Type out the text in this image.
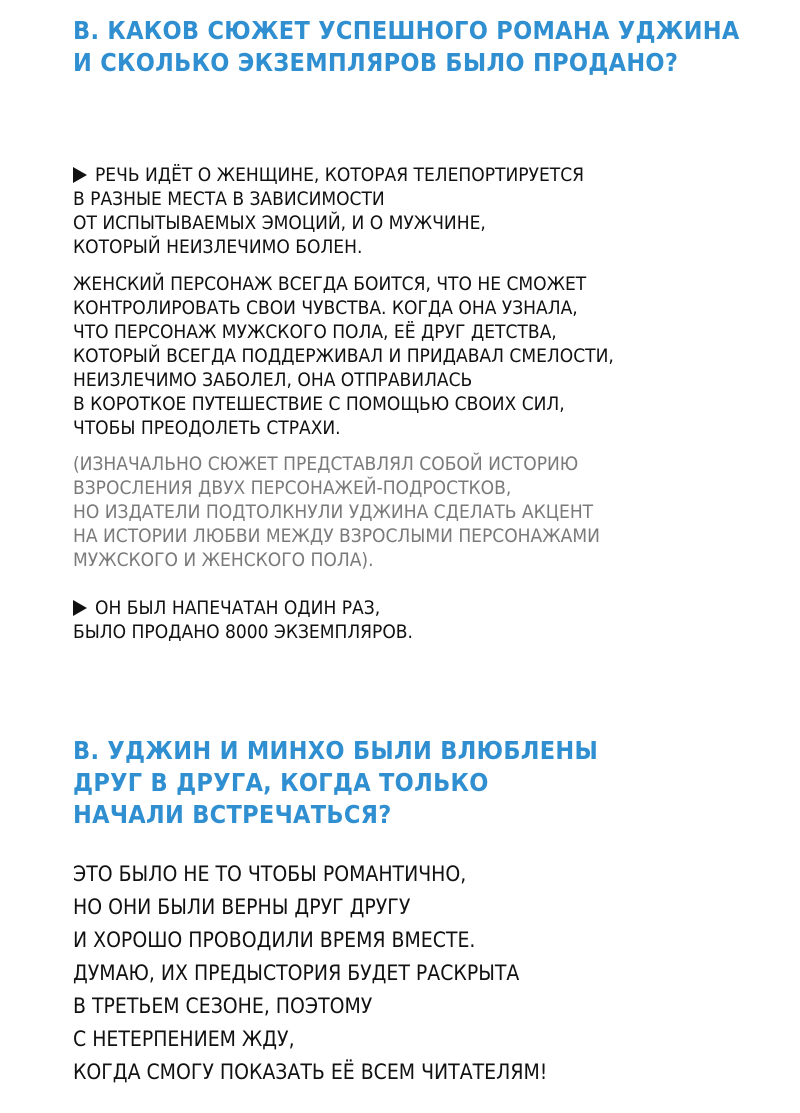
В. КАКОВ СЮЖЕТ УСПЕШНОГО РОМАНА УДЖИНА
И СКОЛЬКО ЭКЗЕМПЛЯРОВ БЫЛО ПРОДАНО?
РЕЧЬ ИДЁТ О ЖЕНЩИНЕ, КОТОРАЯ ТЕЛЕПОРТИРУЕТСЯ
В РАЗНЫЕ МЕСТА В ЗАВИСИМОСТИ
ОТ ИСПЫТЫВАЕМЫХ ЭМОЦИЙ, И О МУЖЧИНЕ,
КОТОРЫЙ НЕИЗЛЕЧИМО БОЛЕН.
ЖЕНСКИЙ ПЕРСОНАЖ ВСЕГДА БОИТСЯ, ЧТО НЕ СМОЖЕТ
КОНТРОЛИРОВАТЬ СВОИ ЧУВСТВА. КОГДА ОНА УЗНАЛА,
ЧТО ПЕРСОНАЖ МУЖСКОГО ПОЛА, ЕЁ ДРУГ ДЕТСТВА,
КОТОРЫЙ ВСЕГДА ПОДДЕРЖИВАЛ И ПРИДАВАЛ СМЕЛОСТИ,
НЕИЗЛЕЧИМО ЗАБОЛЕЛ, ОНА ОТПРАВИЛАСЬ
В КОРОТКОЕ ПУТЕШЕСТВИЕ С ПОМОЩЬЮ СВОИХ СИЛ,
ЧТОБЫ ПРЕОДОЛЕТЬ СТРАХИ.
(ИЗНАЧАЛЬНО СЮЖЕТ ПРЕДСТАВЛЯЛ СОБОЙ ИСТОРИЮ
ВЗРОСЛЕНИЯ ДВУХ ПЕРСОНАЖЕЙ-ПОДРОСТКОВ,
НО ИЗДАТЕЛИ ПОДТОЛКНУЛИ УДЖИНА СДЕЛАТЬ АКЦЕНТ
НА ИСТОРИИ ЛЮБВИ МЕЖДУ ВЗРОСЛЫМИ ПЕРСОНАЖАМИ
МУЖСКОГО И ЖЕНСКОГО ПОЛА).
ОН БЫЛ НАПЕЧАТАН ОДИН РАЗ,
БЫЛО ПРОДАНО 8000 ЭКЗЕМПЛЯРОВ.
В. УДЖИН И МИНХО БЫЛИ ВЛЮБЛЕНЫ
ДРУГ В ДРУГА, КОГДА ТОЛЬКО
НАЧАЛИ ВСТРЕЧАТЬСЯ?
ЭТО БЫЛО НЕ ТО ЧТОБЫ РОМАНТИЧНО,
НО ОНИ БЫЛИ ВЕРНЫ ДРУГ ДРУГУ
И ХОРОШО ПРОВОДИЛИ ВРЕМЯ ВМЕСТЕ.
ДУМАЮ, ИХ ПРЕДЫСТОРИЯ БУДЕТ РАСКРЫТА
В ТРЕТЬЕМ СЕЗОНЕ, ПОЭТОМУ
С НЕТЕРПЕНИЕМ ЖДУ,
КОГДА СМОГУ ПОКАЗАТЬ ЕЁ ВСЕМ ЧИТАТЕЛЯМ!
